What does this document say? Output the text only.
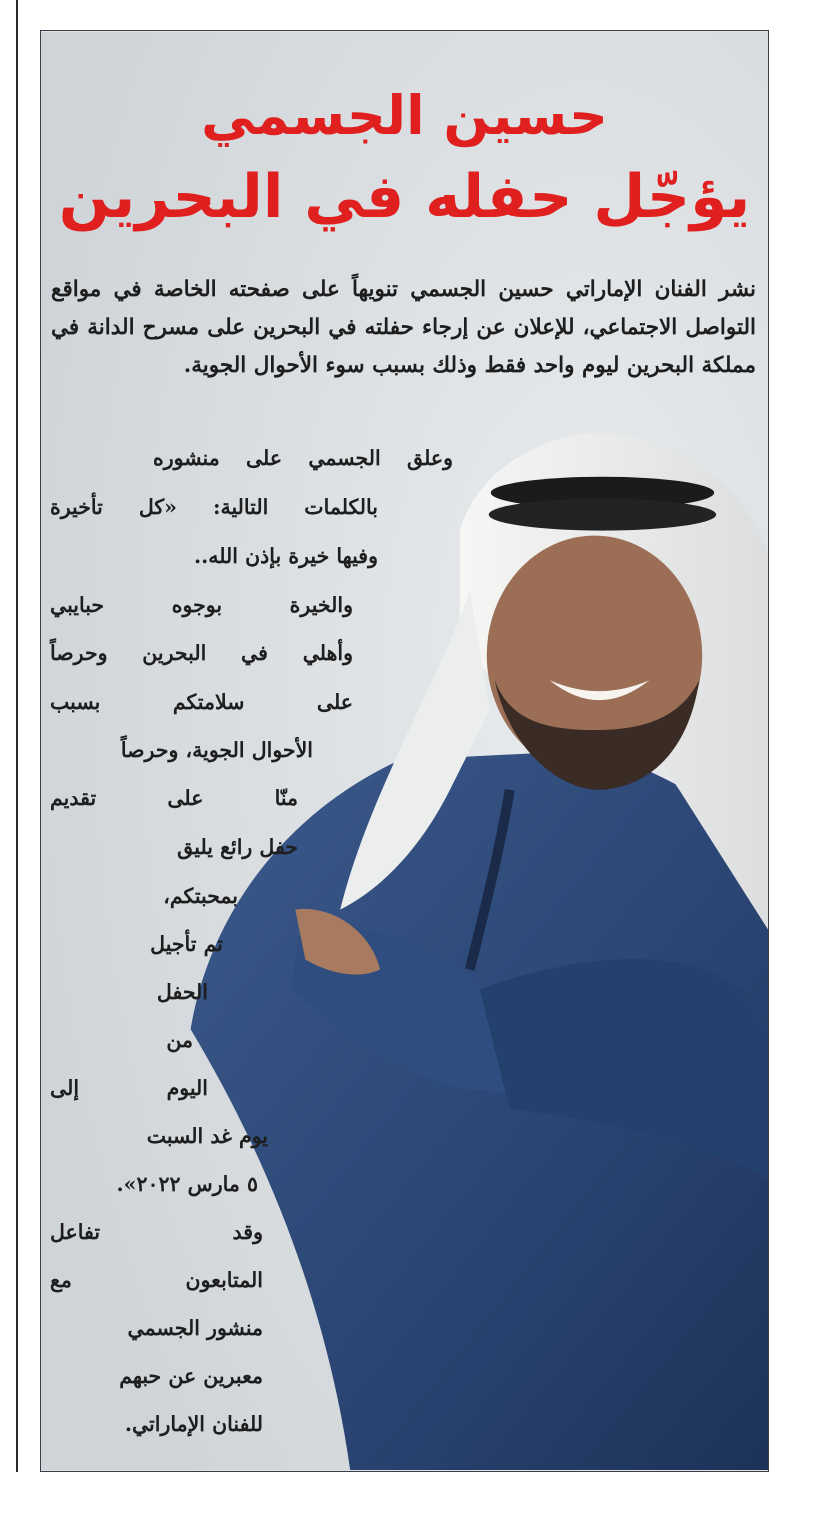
حسين الجسمي
يؤجّل حفله في البحرين

نشر الفنان الإماراتي حسين الجسمي تنويهاً على صفحته الخاصة في مواقع التواصل الاجتماعي، للإعلان عن إرجاء حفلته في البحرين على مسرح الدانة في مملكة البحرين ليوم واحد فقط وذلك بسبب سوء الأحوال الجوية.

وعلق الجسمي على منشوره
بالكلمات التالية: «كل تأخيرة
وفيها خيرة بإذن الله..
والخيرة بوجوه حبايبي
وأهلي في البحرين وحرصاً
على سلامتكم بسبب
الأحوال الجوية، وحرصاً
منّا على تقديم
حفل رائع يليق
بمحبتكم،
تم تأجيل
الحفل
من
اليوم إلى
يوم غد السبت
٥ مارس ٢٠٢٢».
وقد تفاعل
المتابعون مع
منشور الجسمي
معبرين عن حبهم
للفنان الإماراتي.
